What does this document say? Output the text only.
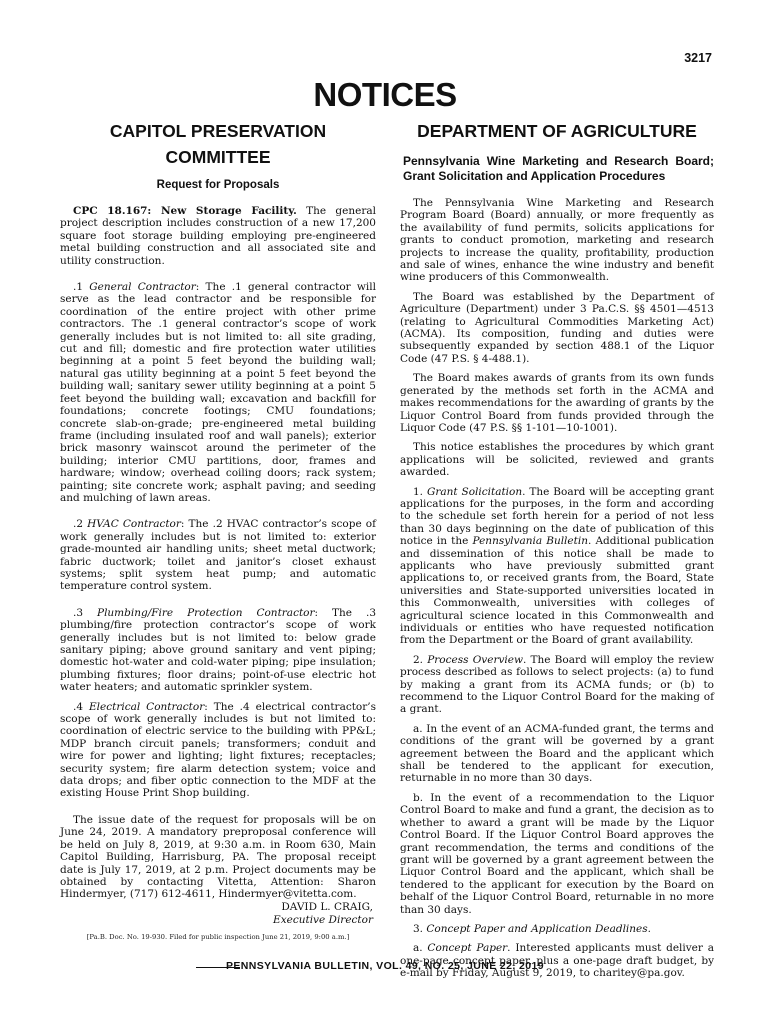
3217
NOTICES
CAPITOL PRESERVATION COMMITTEE
Request for Proposals

CPC 18.167: New Storage Facility. The general project description includes construction of a new 17,200 square foot storage building employing pre-engineered metal building construction and all associated site and utility construction.

.1 General Contractor: The .1 general contractor will serve as the lead contractor and be responsible for coordination of the entire project with other prime contractors. The .1 general contractor’s scope of work generally includes but is not limited to: all site grading, cut and fill; domestic and fire protection water utilities beginning at a point 5 feet beyond the building wall; natural gas utility beginning at a point 5 feet beyond the building wall; sanitary sewer utility beginning at a point 5 feet beyond the building wall; excavation and backfill for foundations; concrete footings; CMU foundations; concrete slab-on-grade; pre-engineered metal building frame (including insulated roof and wall panels); exterior brick masonry wainscot around the perimeter of the building; interior CMU partitions, door, frames and hardware; window; overhead coiling doors; rack system; painting; site concrete work; asphalt paving; and seeding and mulching of lawn areas.

.2 HVAC Contractor: The .2 HVAC contractor’s scope of work generally includes but is not limited to: exterior grade-mounted air handling units; sheet metal ductwork; fabric ductwork; toilet and janitor’s closet exhaust systems; split system heat pump; and automatic temperature control system.

.3 Plumbing/Fire Protection Contractor: The .3 plumbing/fire protection contractor’s scope of work generally includes but is not limited to: below grade sanitary piping; above ground sanitary and vent piping; domestic hot-water and cold-water piping; pipe insulation; plumbing fixtures; floor drains; point-of-use electric hot water heaters; and automatic sprinkler system.

.4 Electrical Contractor: The .4 electrical contractor’s scope of work generally includes is but not limited to: coordination of electric service to the building with PP&L; MDP branch circuit panels; transformers; conduit and wire for power and lighting; light fixtures; receptacles; security system; fire alarm detection system; voice and data drops; and fiber optic connection to the MDF at the existing House Print Shop building.

The issue date of the request for proposals will be on June 24, 2019. A mandatory preproposal conference will be held on July 8, 2019, at 9:30 a.m. in Room 630, Main Capitol Building, Harrisburg, PA. The proposal receipt date is July 17, 2019, at 2 p.m. Project documents may be obtained by contacting Vitetta, Attention: Sharon Hindermyer, (717) 612-4611, Hindermyer@vitetta.com.

DAVID L. CRAIG,
Executive Director
[Pa.B. Doc. No. 19-930. Filed for public inspection June 21, 2019, 9:00 a.m.]
DEPARTMENT OF AGRICULTURE
Pennsylvania Wine Marketing and Research Board; Grant Solicitation and Application Procedures

The Pennsylvania Wine Marketing and Research Program Board (Board) annually, or more frequently as the availability of fund permits, solicits applications for grants to conduct promotion, marketing and research projects to increase the quality, profitability, production and sale of wines, enhance the wine industry and benefit wine producers of this Commonwealth.

The Board was established by the Department of Agriculture (Department) under 3 Pa.C.S. §§ 4501—4513 (relating to Agricultural Commodities Marketing Act) (ACMA). Its composition, funding and duties were subsequently expanded by section 488.1 of the Liquor Code (47 P.S. § 4-488.1).

The Board makes awards of grants from its own funds generated by the methods set forth in the ACMA and makes recommendations for the awarding of grants by the Liquor Control Board from funds provided through the Liquor Code (47 P.S. §§ 1-101—10-1001).

This notice establishes the procedures by which grant applications will be solicited, reviewed and grants awarded.

1. Grant Solicitation. The Board will be accepting grant applications for the purposes, in the form and according to the schedule set forth herein for a period of not less than 30 days beginning on the date of publication of this notice in the Pennsylvania Bulletin. Additional publication and dissemination of this notice shall be made to applicants who have previously submitted grant applications to, or received grants from, the Board, State universities and State-supported universities located in this Commonwealth, universities with colleges of agricultural science located in this Commonwealth and individuals or entities who have requested notification from the Department or the Board of grant availability.

2. Process Overview. The Board will employ the review process described as follows to select projects: (a) to fund by making a grant from its ACMA funds; or (b) to recommend to the Liquor Control Board for the making of a grant.

a. In the event of an ACMA-funded grant, the terms and conditions of the grant will be governed by a grant agreement between the Board and the applicant which shall be tendered to the applicant for execution, returnable in no more than 30 days.

b. In the event of a recommendation to the Liquor Control Board to make and fund a grant, the decision as to whether to award a grant will be made by the Liquor Control Board. If the Liquor Control Board approves the grant recommendation, the terms and conditions of the grant will be governed by a grant agreement between the Liquor Control Board and the applicant, which shall be tendered to the applicant for execution by the Board on behalf of the Liquor Control Board, returnable in no more than 30 days.

3. Concept Paper and Application Deadlines.

a. Concept Paper. Interested applicants must deliver a one-page concept paper, plus a one-page draft budget, by e-mail by Friday, August 9, 2019, to charitey@pa.gov.

PENNSYLVANIA BULLETIN, VOL. 49, NO. 25, JUNE 22, 2019
